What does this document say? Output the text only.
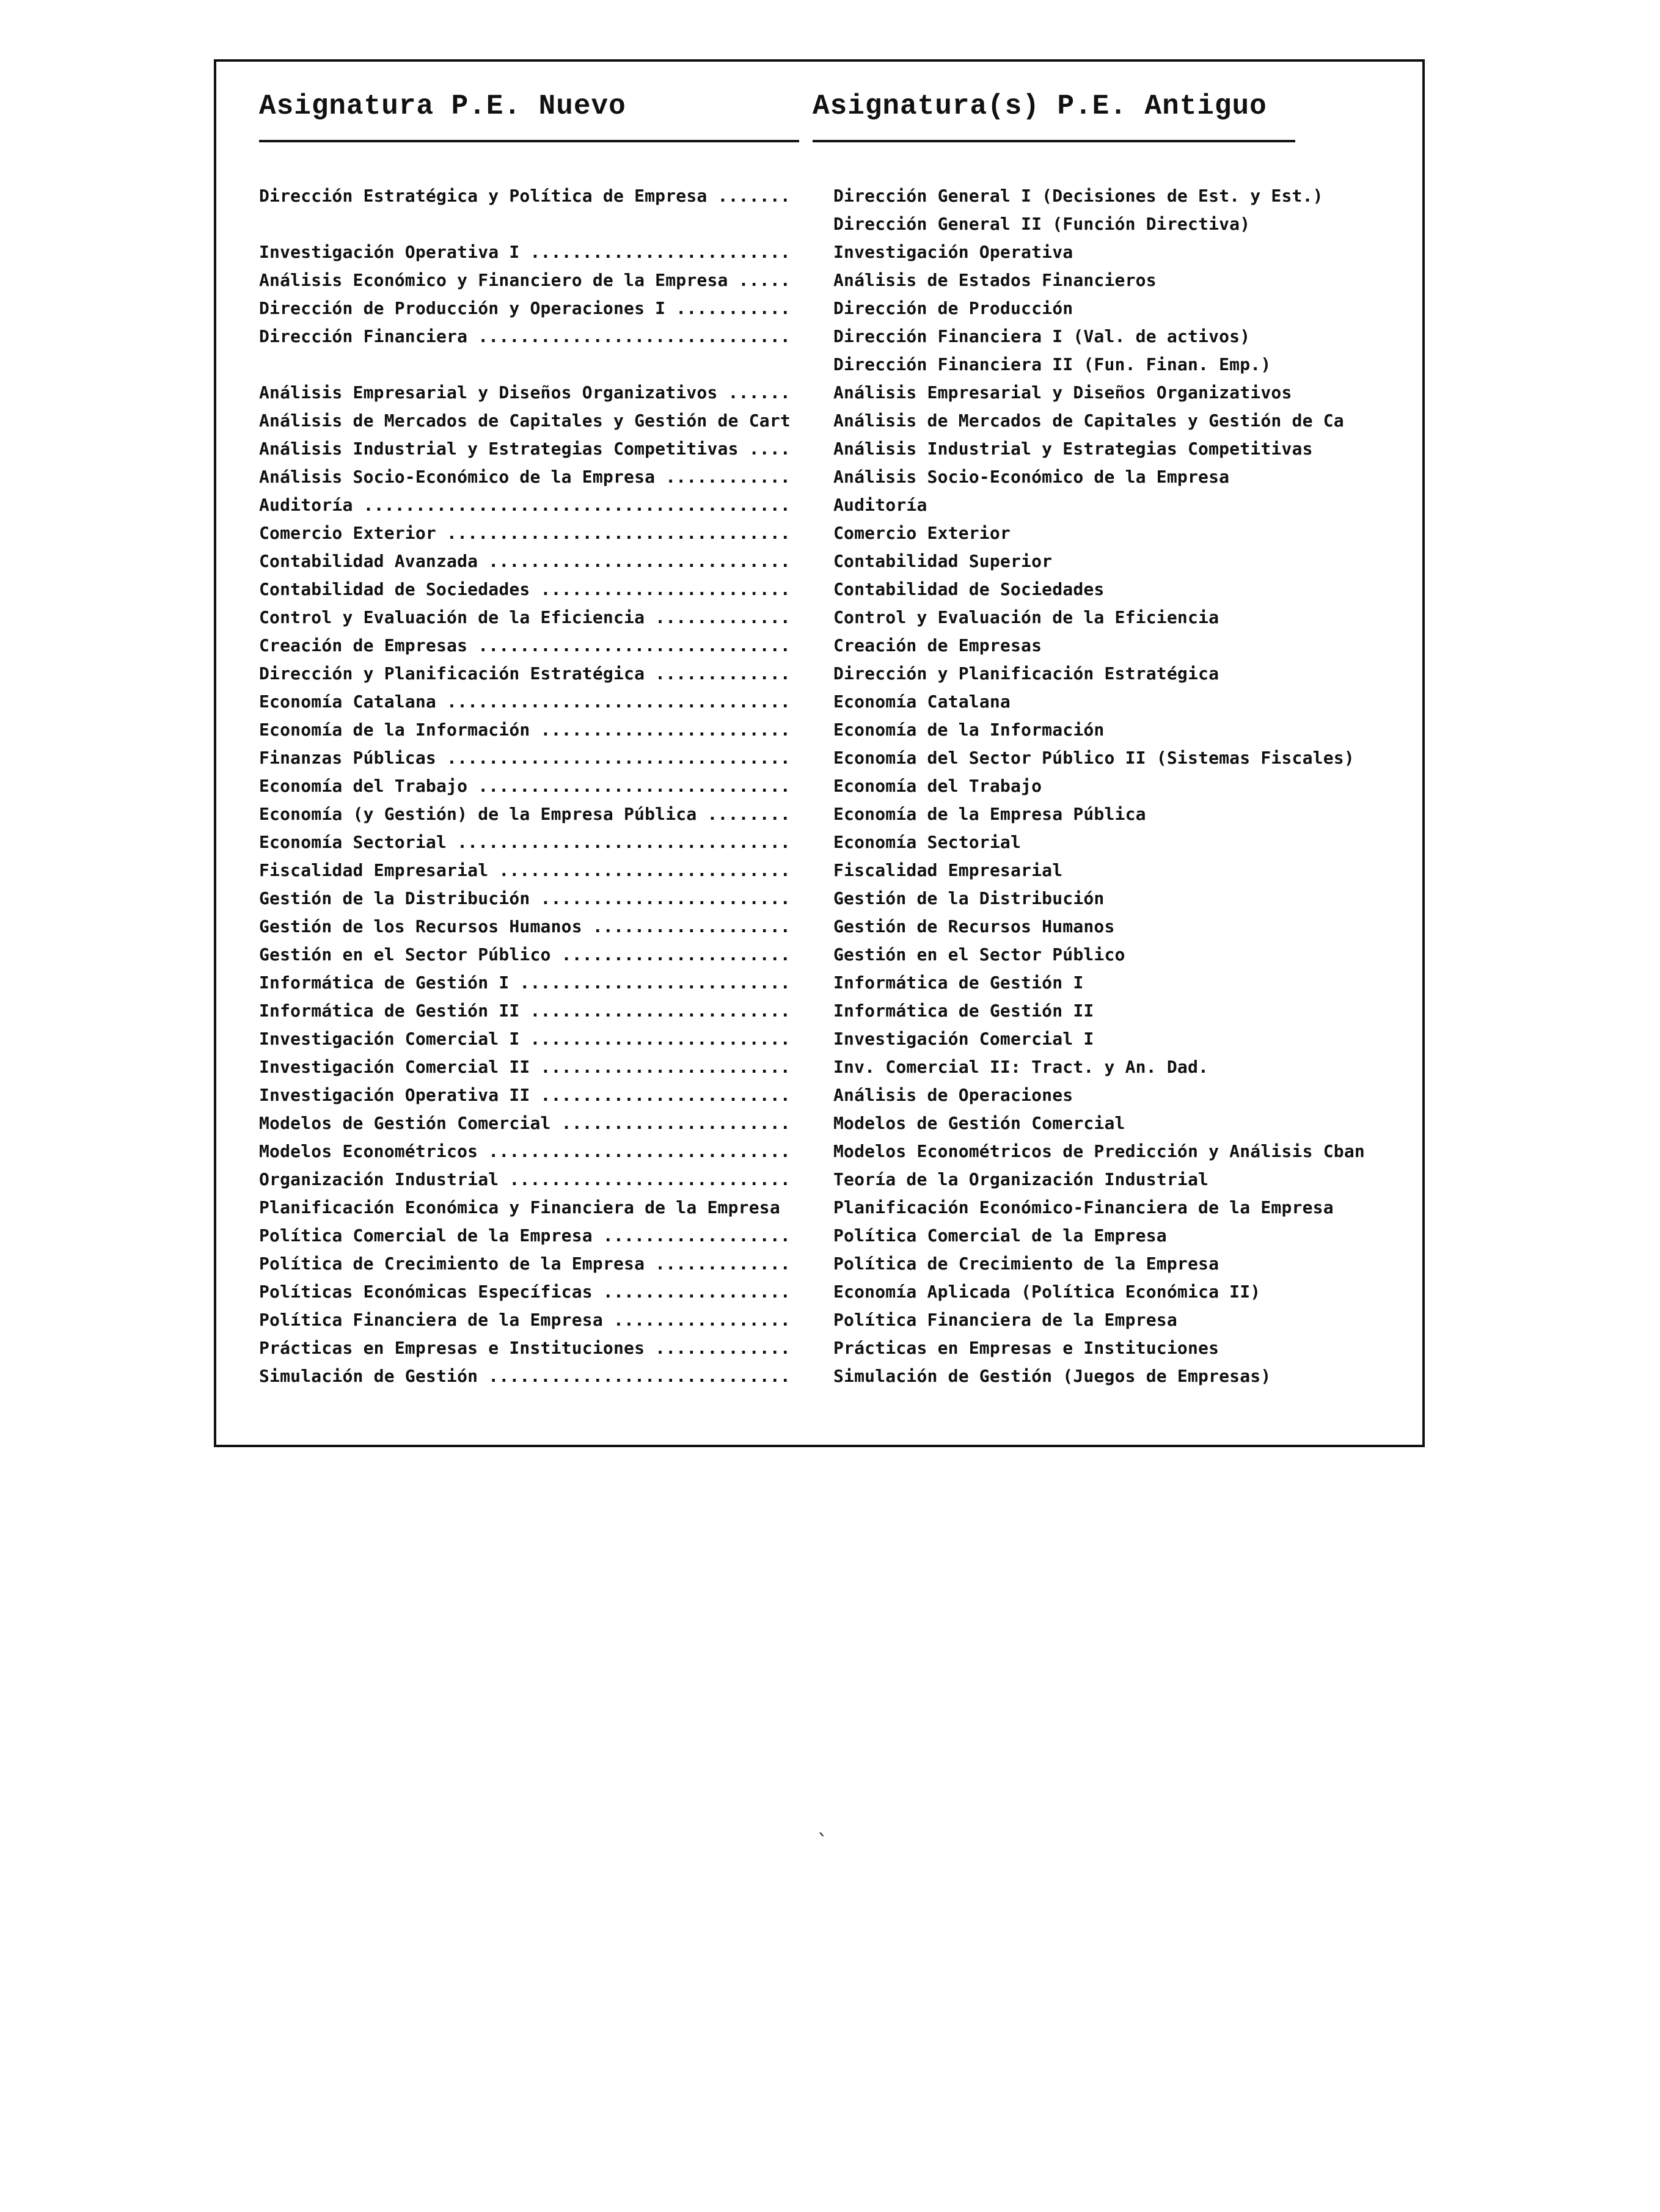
Asignatura P.E. Nuevo	Asignatura(s) P.E. Antiguo
Dirección Estratégica y Política de Empresa .......	Dirección General I (Decisiones de Est. y Est.)
Dirección General II (Función Directiva)
Investigación Operativa I .........................	Investigación Operativa
Análisis Económico y Financiero de la Empresa .....	Análisis de Estados Financieros
Dirección de Producción y Operaciones I ...........	Dirección de Producción
Dirección Financiera ..............................	Dirección Financiera I (Val. de activos)
Dirección Financiera II (Fun. Finan. Emp.)
Análisis Empresarial y Diseños Organizativos ......	Análisis Empresarial y Diseños Organizativos
Análisis de Mercados de Capitales y Gestión de Cart	Análisis de Mercados de Capitales y Gestión de Ca
Análisis Industrial y Estrategias Competitivas ....	Análisis Industrial y Estrategias Competitivas
Análisis Socio-Económico de la Empresa ............	Análisis Socio-Económico de la Empresa
Auditoría .........................................	Auditoría
Comercio Exterior .................................	Comercio Exterior
Contabilidad Avanzada .............................	Contabilidad Superior
Contabilidad de Sociedades ........................	Contabilidad de Sociedades
Control y Evaluación de la Eficiencia .............	Control y Evaluación de la Eficiencia
Creación de Empresas ..............................	Creación de Empresas
Dirección y Planificación Estratégica .............	Dirección y Planificación Estratégica
Economía Catalana .................................	Economía Catalana
Economía de la Información ........................	Economía de la Información
Finanzas Públicas .................................	Economía del Sector Público II (Sistemas Fiscales)
Economía del Trabajo ..............................	Economía del Trabajo
Economía (y Gestión) de la Empresa Pública ........	Economía de la Empresa Pública
Economía Sectorial ................................	Economía Sectorial
Fiscalidad Empresarial ............................	Fiscalidad Empresarial
Gestión de la Distribución ........................	Gestión de la Distribución
Gestión de los Recursos Humanos ...................	Gestión de Recursos Humanos
Gestión en el Sector Público ......................	Gestión en el Sector Público
Informática de Gestión I ..........................	Informática de Gestión I
Informática de Gestión II .........................	Informática de Gestión II
Investigación Comercial I .........................	Investigación Comercial I
Investigación Comercial II ........................	Inv. Comercial II: Tract. y An. Dad.
Investigación Operativa II ........................	Análisis de Operaciones
Modelos de Gestión Comercial ......................	Modelos de Gestión Comercial
Modelos Econométricos .............................	Modelos Econométricos de Predicción y Análisis Cban
Organización Industrial ...........................	Teoría de la Organización Industrial
Planificación Económica y Financiera de la Empresa	Planificación Económico-Financiera de la Empresa
Política Comercial de la Empresa ..................	Política Comercial de la Empresa
Política de Crecimiento de la Empresa .............	Política de Crecimiento de la Empresa
Políticas Económicas Específicas ..................	Economía Aplicada (Política Económica II)
Política Financiera de la Empresa .................	Política Financiera de la Empresa
Prácticas en Empresas e Instituciones .............	Prácticas en Empresas e Instituciones
Simulación de Gestión .............................	Simulación de Gestión (Juegos de Empresas)
`
